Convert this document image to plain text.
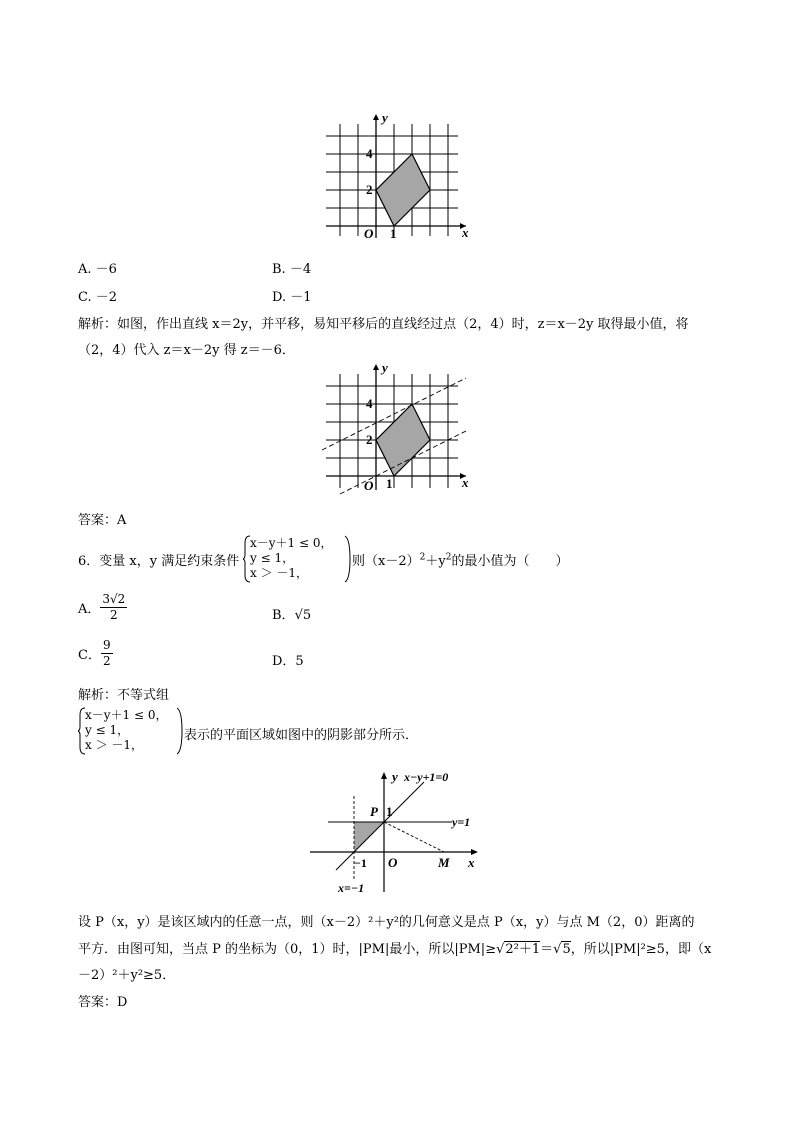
y
x
O 1
2
4
A. －6	B. －4
C. －2	D. －1
解析：如图，作出直线 x＝2y，并平移，易知平移后的直线经过点（2，4）时，z＝x－2y 取得最小值，将
（2，4）代入 z＝x－2y 得 z＝－6．
y
x
O 1
2
4
答案：A
6．变量 x，y 满足约束条件
x－y＋1 ≤ 0，
y ≤ 1，
x ＞ －1，
则$(x-2)^2+y^2$的最小值为（　　）
A． $\frac{3√2}{2}$	B．√5
C． $\frac{9}{2}$	D．5
解析：不等式组
x－y＋1 ≤ 0，
y ≤ 1，
x ＞ －1，
表示的平面区域如图中的阴影部分所示．
y x−y+1=0
y=1
P 1
O	M x
−1
x=−1
设 P（x，y）是该区域内的任意一点，则（x－2）²＋y²的几何意义是点 P（x，y）与点 M（2，0）距离的
平方．由图可知，当点 P 的坐标为（0，1）时，|PM|最小，所以|PM|≥√2²＋1＝√5，所以|PM|²≥5，即（x
－2）²＋y²≥5．
答案：D
